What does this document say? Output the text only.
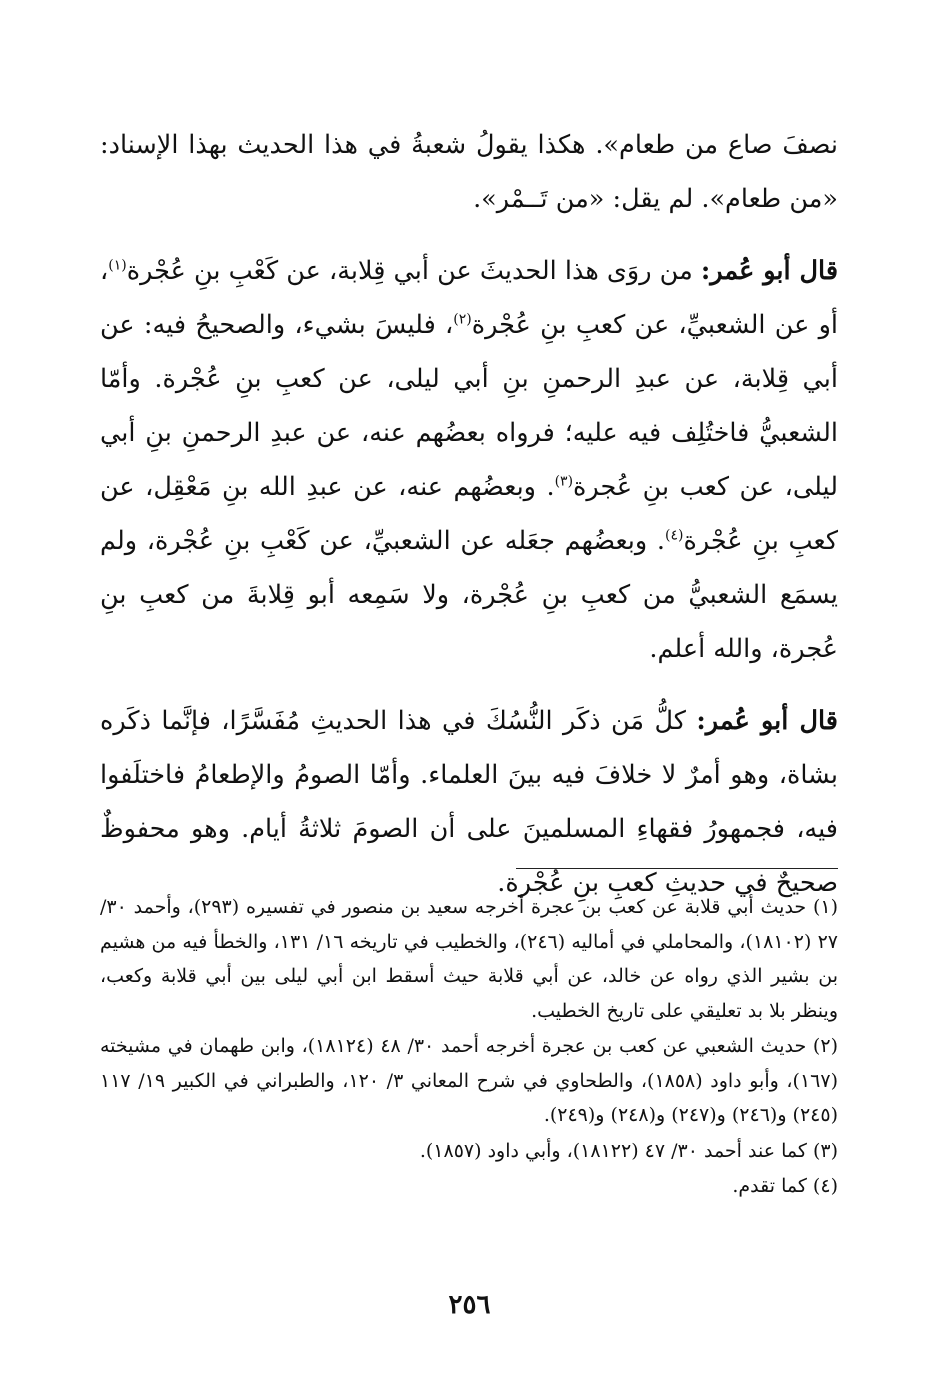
نصفَ صاع من طعام». هكذا يقولُ شعبةُ في هذا الحديث بهذا الإسناد: «من طعام». لم يقل: «من تَــمْر».

قال أبو عُمر: من روَى هذا الحديثَ عن أبي قِلابة، عن كَعْبِ بنِ عُجْرة$^{(١)}$، أو عن الشعبيِّ، عن كعبِ بنِ عُجْرة$^{(٢)}$، فليسَ بشيء، والصحيحُ فيه: عن أبي قِلابة، عن عبدِ الرحمنِ بنِ أبي ليلى، عن كعبِ بنِ عُجْرة. وأمّا الشعبيُّ فاختُلِف فيه عليه؛ فرواه بعضُهم عنه، عن عبدِ الرحمنِ بنِ أبي ليلى، عن كعب بنِ عُجرة$^{(٣)}$. وبعضُهم عنه، عن عبدِ الله بنِ مَعْقِل، عن كعبِ بنِ عُجْرة$^{(٤)}$. وبعضُهم جعَله عن الشعبيِّ، عن كَعْبِ بنِ عُجْرة، ولم يسمَع الشعبيُّ من كعبِ بنِ عُجْرة، ولا سَمِعه أبو قِلابةَ من كعبِ بنِ عُجرة، والله أعلم.

قال أبو عُمر: كلُّ مَن ذكَر النُّسُكَ في هذا الحديثِ مُفَسَّرًا، فإنَّما ذكَره بشاة، وهو أمرٌ لا خلافَ فيه بينَ العلماء. وأمّا الصومُ والإطعامُ فاختلَفوا فيه، فجمهورُ فقهاءِ المسلمينَ على أن الصومَ ثلاثةُ أيام. وهو محفوظٌ صحيحٌ في حديثِ كعبِ بنِ عُجْرة.

(١) حديث أبي قلابة عن كعب بن عجرة أخرجه سعيد بن منصور في تفسيره (٢٩٣)، وأحمد ٣٠/ ٢٧ (١٨١٠٢)، والمحاملي في أماليه (٢٤٦)، والخطيب في تاريخه ١٦/ ١٣١، والخطأ فيه من هشيم بن بشير الذي رواه عن خالد، عن أبي قلابة حيث أسقط ابن أبي ليلى بين أبي قلابة وكعب، وينظر بلا بد تعليقي على تاريخ الخطيب.

(٢) حديث الشعبي عن كعب بن عجرة أخرجه أحمد ٣٠/ ٤٨ (١٨١٢٤)، وابن طهمان في مشيخته (١٦٧)، وأبو داود (١٨٥٨)، والطحاوي في شرح المعاني ٣/ ١٢٠، والطبراني في الكبير ١٩/ ١١٧ (٢٤٥) و(٢٤٦) و(٢٤٧) و(٢٤٨) و(٢٤٩).

(٣) كما عند أحمد ٣٠/ ٤٧ (١٨١٢٢)، وأبي داود (١٨٥٧).

(٤) كما تقدم.

٢٥٦
